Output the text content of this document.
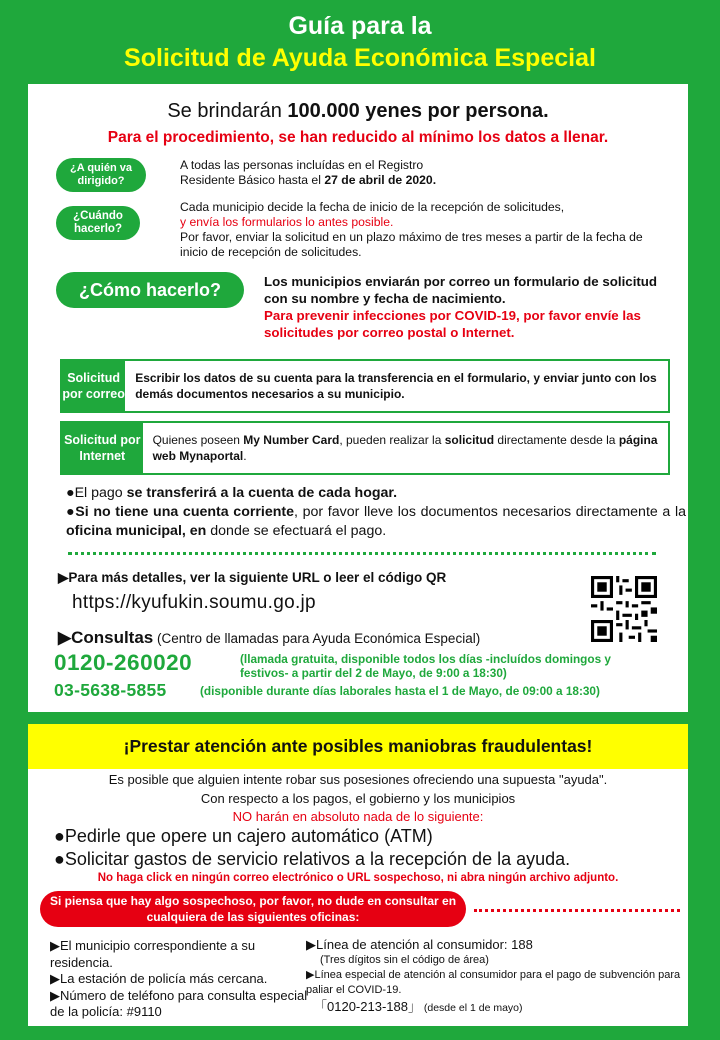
Guía para la
Solicitud de Ayuda Económica Especial
Se brindarán 100.000 yenes por persona.
Para el procedimiento, se han reducido al mínimo los datos a llenar.
¿A quién va dirigido?
A todas las personas incluídas en el Registro
Residente Básico hasta el 27 de abril de 2020.
¿Cuándo hacerlo?
Cada municipio decide la fecha de inicio de la recepción de solicitudes,
y envía los formularios lo antes posible.
Por favor, enviar la solicitud en un plazo máximo de tres meses a partir de la fecha de inicio de recepción de solicitudes.
¿Cómo hacerlo?	Los municipios enviarán por correo un formulario de solicitud con su nombre y fecha de nacimiento.
Para prevenir infecciones por COVID-19, por favor envíe las solicitudes por correo postal o Internet.
Solicitud por correo
Escribir los datos de su cuenta para la transferencia en el formulario, y enviar junto con los demás documentos necesarios a su municipio.
Solicitud por Internet
Quienes poseen My Number Card, pueden realizar la solicitud directamente desde la página web Mynaportal.
●El pago se transferirá a la cuenta de cada hogar.
●Si no tiene una cuenta corriente, por favor lleve los documentos necesarios directamente a la oficina municipal, en donde se efectuará el pago.
▶Para más detalles, ver la siguiente URL o leer el código QR
https://kyufukin.soumu.go.jp
▶Consultas (Centro de llamadas para Ayuda Económica Especial)
0120-260020	(llamada gratuita, disponible todos los días -incluídos domingos y festivos- a partir del 2 de Mayo, de 9:00 a 18:30)
03-5638-5855	(disponible durante días laborales hasta el 1 de Mayo, de 09:00 a 18:30)
¡Prestar atención ante posibles maniobras fraudulentas!
Es posible que alguien intente robar sus posesiones ofreciendo una supuesta "ayuda".
Con respecto a los pagos, el gobierno y los municipios
NO harán en absoluto nada de lo siguiente:
●Pedirle que opere un cajero automático (ATM)
●Solicitar gastos de servicio relativos a la recepción de la ayuda.
No haga click en ningún correo electrónico o URL sospechoso, ni abra ningún archivo adjunto.
Si piensa que hay algo sospechoso, por favor, no dude en consultar en cualquiera de las siguientes oficinas:
▶El municipio correspondiente a su residencia.
▶La estación de policía más cercana.
▶Número de teléfono para consulta especial de la policía: #9110
▶Línea de atención al consumidor: 188
(Tres dígitos sin el código de área)
▶Línea especial de atención al consumidor para el pago de subvención para paliar el COVID-19.
「0120-213-188」 (desde el 1 de mayo)
